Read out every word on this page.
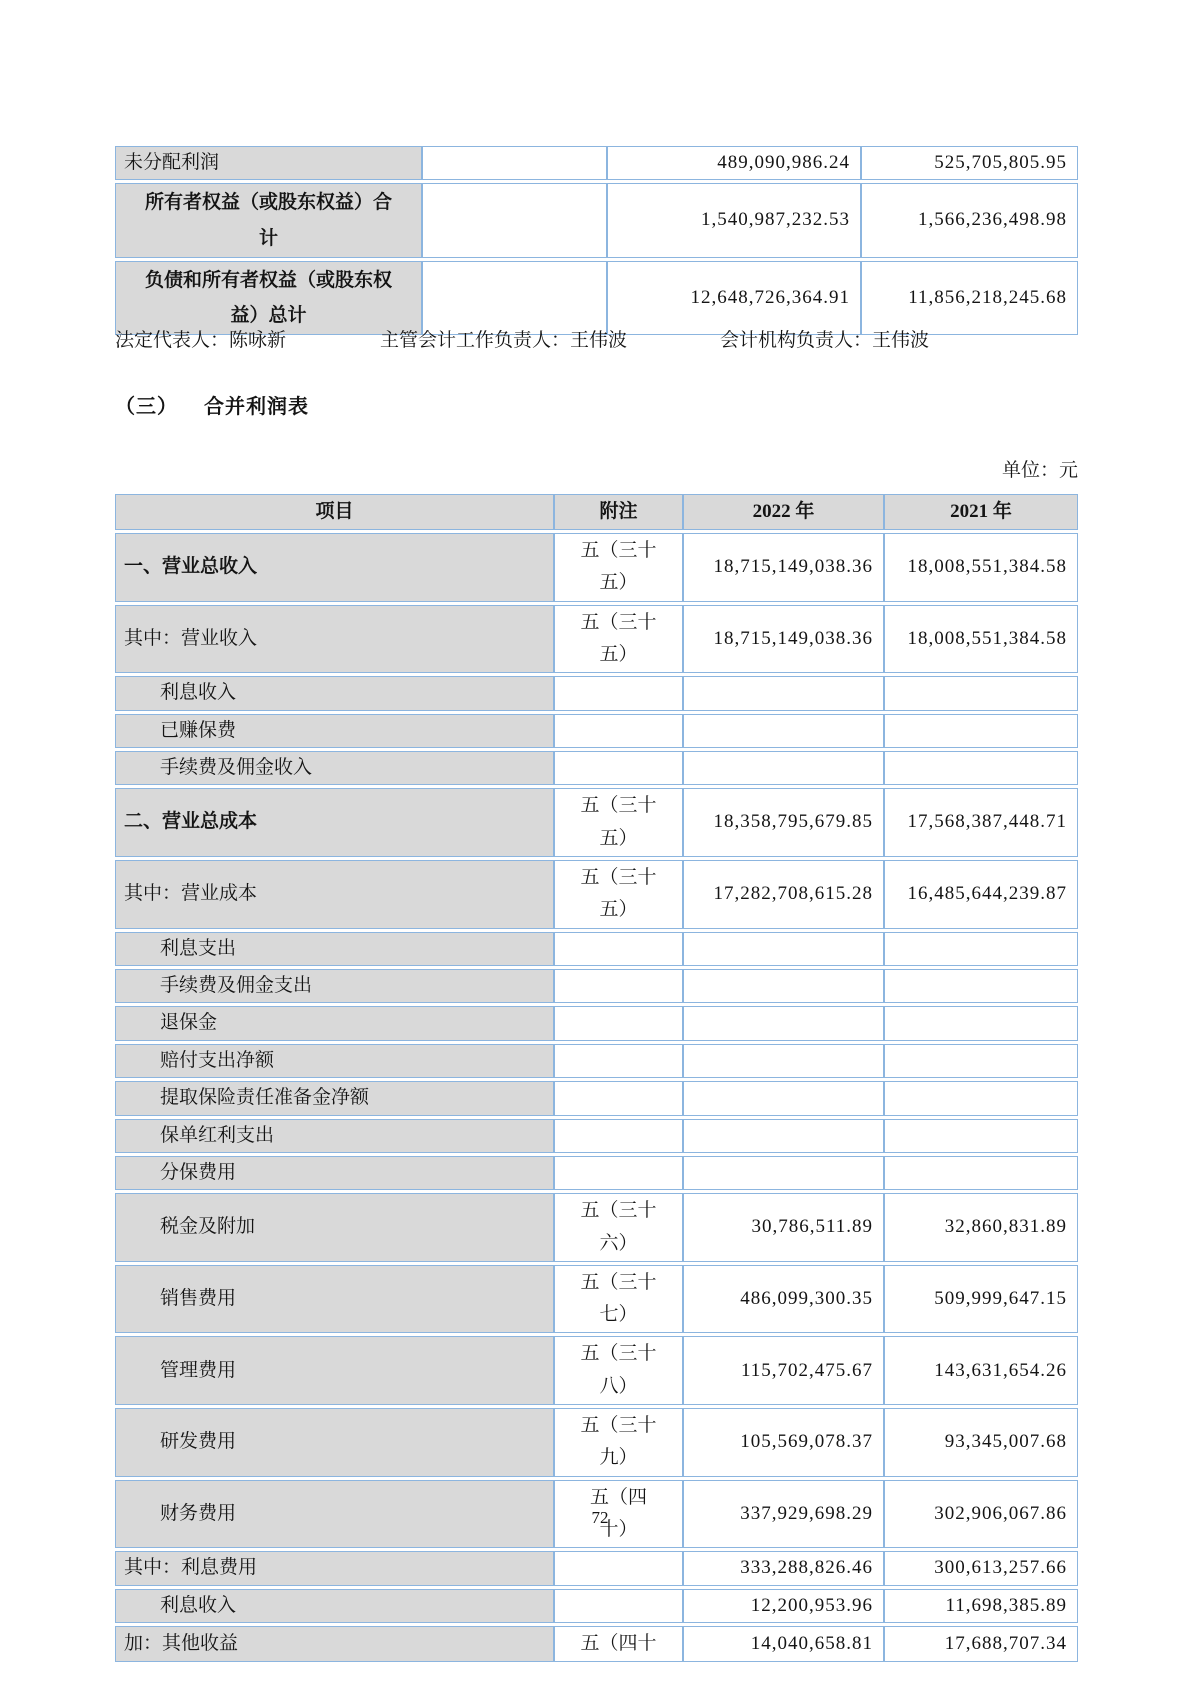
未分配利润		489,090,986.24	525,705,805.95
所有者权益（或股东权益）合计		1,540,987,232.53	1,566,236,498.98
负债和所有者权益（或股东权益）总计		12,648,726,364.91	11,856,218,245.68
法定代表人：陈咏新	主管会计工作负责人：王伟波	会计机构负责人：王伟波
（三） 合并利润表
单位：元
项目	附注	2022 年	2021 年
一、营业总收入	五（三十五）	18,715,149,038.36	18,008,551,384.58
其中：营业收入	五（三十五）	18,715,149,038.36	18,008,551,384.58
利息收入			
已赚保费			
手续费及佣金收入			
二、营业总成本	五（三十五）	18,358,795,679.85	17,568,387,448.71
其中：营业成本	五（三十五）	17,282,708,615.28	16,485,644,239.87
利息支出			
手续费及佣金支出			
退保金			
赔付支出净额			
提取保险责任准备金净额			
保单红利支出			
分保费用			
税金及附加	五（三十六）	30,786,511.89	32,860,831.89
销售费用	五（三十七）	486,099,300.35	509,999,647.15
管理费用	五（三十八）	115,702,475.67	143,631,654.26
研发费用	五（三十九）	105,569,078.37	93,345,007.68
财务费用	五（四十）	337,929,698.29	302,906,067.86
其中：利息费用		333,288,826.46	300,613,257.66
利息收入		12,200,953.96	11,698,385.89
加：其他收益	五（四十	14,040,658.81	17,688,707.34
72
